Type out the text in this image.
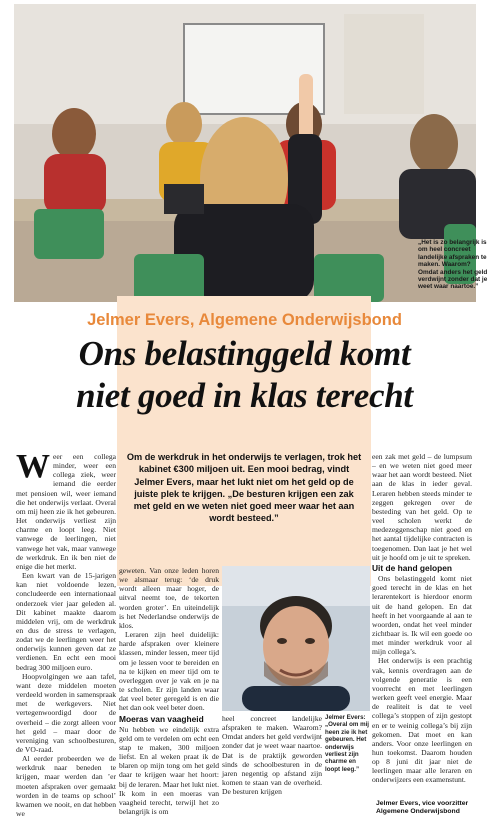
„Het is zo belangrijk is om heel concreet landelijke afspraken te maken. Waarom? Omdat anders het geld verdwijnt zonder dat je weet waar naartoe.”
Jelmer Evers, Algemene Onderwijsbond
Ons belastinggeld komt
niet goed in klas terecht
Om de werkdruk in het onderwijs te verlagen, trok het kabinet €300 miljoen uit. Een mooi bedrag, vindt Jelmer Evers, maar het lukt niet om het geld op de juiste plek te krijgen. „De besturen krijgen een zak met geld en we weten niet goed meer waar het aan wordt besteed.”
W eer een collega minder, weer een collega ziek, weer iemand die eerder met pensioen wil, weer iemand die het onderwijs verlaat. Overal om mij heen zie ik het gebeuren. Het onderwijs verliest zijn charme en loopt leeg. Niet vanwege de leerlingen, niet vanwege het vak, maar vanwege de werkdruk. En ik ben niet de enige die het merkt.

Een kwart van de 15-jarigen kan niet voldoende lezen, concludeerde een internationaal onderzoek vier jaar geleden al. Dit kabinet maakte daarom middelen vrij, om de werkdruk en dus de stress te verlagen, zodat we de leerlingen weer het onderwijs kunnen geven dat ze verdienen. En echt een mooi bedrag 300 miljoen euro.

Hoopvolgingen we aan tafel, want deze middelen moeten verdeeld worden in samenspraak met de werkgevers. Niet vertegenwoordigd door de overheid – die zorgt alleen voor het geld – maar door de vereniging van schoolbesturen, de VO-raad.

Al eerder probeerden we de werkdruk naar beneden te krijgen, maar werden dan ’er moeten afspraken over gemaakt worden in de teams op school’ kwamen we nooit, en dat hebben we

geweten. Van onze leden horen we alsmaar terug: ‘de druk wordt alleen maar hoger, de uitval neemt toe, de tekorten worden groter’. En uiteindelijk is het Nederlandse onderwijs de klos.

Leraren zijn heel duidelijk: harde afspraken over kleinere klassen, minder lessen, meer tijd om je lessen voor te bereiden en na te kijken en meer tijd om te overleggen over je vak en je na te scholen. Er zijn landen waar dat veel beter geregeld is en die het dan ook veel beter doen.

Moeras van vaagheid

Nu hebben we eindelijk extra geld om te verdelen om echt een stap te maken, 300 miljoen liefst. En al weken praat ik de blaren op mijn tong om het geld daar te krijgen waar het hoort: bij de leraren. Maar het lukt niet. Ik kom in een moeras van vaagheid terecht, terwijl het zo belangrijk is om

heel concreet landelijke afspraken te maken. Waarom? Omdat anders het geld verdwijnt zonder dat je weet waar naartoe. Dat is de praktijk geworden sinds de schoolbesturen in de jaren negentig op afstand zijn komen te staan van de overheid. De besturen krijgen

Jelmer Evers: „Overal om mij heen zie ik het gebeuren. Het onderwijs verliest zijn charme en loopt leeg.”

een zak met geld – de lumpsum – en we weten niet goed meer waar het aan wordt besteed. Niet aan de klas in ieder geval. Leraren hebben steeds minder te zeggen gekregen over de besteding van het geld. Op te veel scholen werkt de medezeggenschap niet goed en het aantal tijdelijke contracten is toegenomen. Dan laat je het wel uit je hoofd om je uit te spreken.

Uit de hand gelopen

Ons belastinggeld komt niet goed terecht in de klas en het lerarentekort is hierdoor enorm uit de hand gelopen. En dat heeft in het voorgaande al aan te woorden, ondat het veel minder zichtbaar is. Ik wil een goede oo met minder werkdruk voor al mijn collega’s.

Het onderwijs is een prachtig vak, kennis overdragen aan de volgende generatie is een voorrecht en met leerlingen werken geeft veel energie. Maar de realiteit is dat te veel collega’s stoppen of zijn gestopt en er te weinig collega’s bij zijn gekomen. Dat moet en kan anders. Voor onze leerlingen en hun toekomst. Daarom houden op 8 juni dit jaar niet de leerlingen maar alle leraren en onderwijzers een examenstunt.

Jelmer Evers, vice voorzitter Algemene Onderwijsbond
